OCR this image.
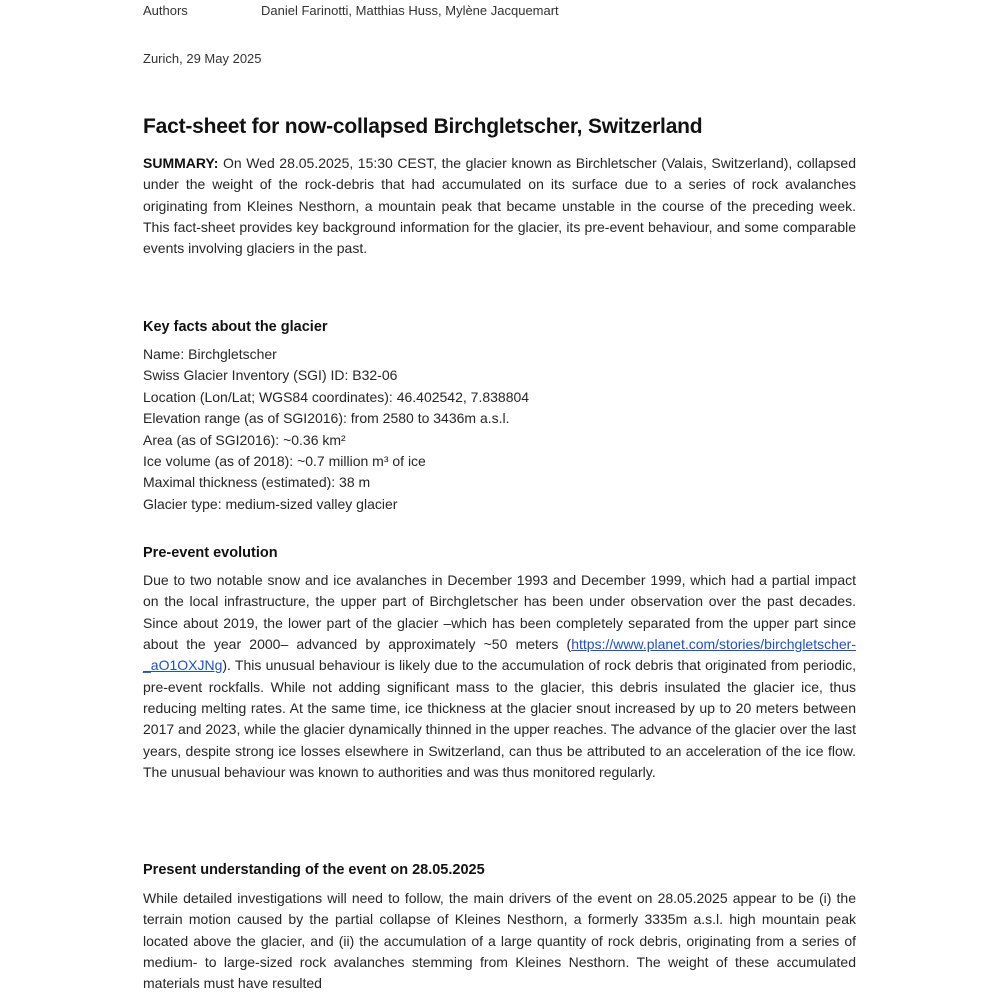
Authors	Daniel Farinotti, Matthias Huss, Mylène Jacquemart
Zurich, 29 May 2025
Fact-sheet for now-collapsed Birchgletscher, Switzerland

SUMMARY: On Wed 28.05.2025, 15:30 CEST, the glacier known as Birchletscher (Valais, Switzerland), collapsed under the weight of the rock-debris that had accumulated on its surface due to a series of rock avalanches originating from Kleines Nesthorn, a mountain peak that became unstable in the course of the preceding week. This fact-sheet provides key background information for the glacier, its pre-event behaviour, and some comparable events involving glaciers in the past.

Key facts about the glacier
Name: Birchgletscher
Swiss Glacier Inventory (SGI) ID: B32-06
Location (Lon/Lat; WGS84 coordinates): 46.402542, 7.838804
Elevation range (as of SGI2016): from 2580 to 3436m a.s.l.
Area (as of SGI2016): ~0.36 km²
Ice volume (as of 2018): ~0.7 million m³ of ice
Maximal thickness (estimated): 38 m
Glacier type: medium-sized valley glacier
Pre-event evolution

Due to two notable snow and ice avalanches in December 1993 and December 1999, which had a partial impact on the local infrastructure, the upper part of Birchgletscher has been under observation over the past decades. Since about 2019, the lower part of the glacier –which has been completely separated from the upper part since about the year 2000– advanced by approximately ~50 meters (https://www.planet.com/stories/birchgletscher-_aO1OXJNg). This unusual behaviour is likely due to the accumulation of rock debris that originated from periodic, pre-event rockfalls. While not adding significant mass to the glacier, this debris insulated the glacier ice, thus reducing melting rates. At the same time, ice thickness at the glacier snout increased by up to 20 meters between 2017 and 2023, while the glacier dynamically thinned in the upper reaches. The advance of the glacier over the last years, despite strong ice losses elsewhere in Switzerland, can thus be attributed to an acceleration of the ice flow. The unusual behaviour was known to authorities and was thus monitored regularly.

Present understanding of the event on 28.05.2025

While detailed investigations will need to follow, the main drivers of the event on 28.05.2025 appear to be (i) the terrain motion caused by the partial collapse of Kleines Nesthorn, a formerly 3335m a.s.l. high mountain peak located above the glacier, and (ii) the accumulation of a large quantity of rock debris, originating from a series of medium- to large-sized rock avalanches stemming from Kleines Nesthorn. The weight of these accumulated materials must have resulted
